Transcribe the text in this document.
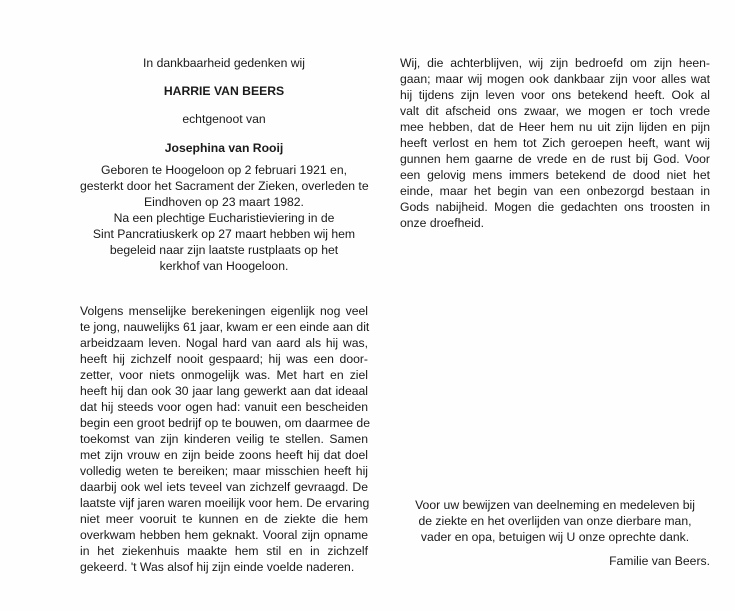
In dankbaarheid gedenken wij
HARRIE VAN BEERS
echtgenoot van
Josephina van Rooij
Geboren te Hoogeloon op 2 februari 1921 en,
gesterkt door het Sacrament der Zieken, overleden te
Eindhoven op 23 maart 1982.
Na een plechtige Eucharistieviering in de
Sint Pancratiuskerk op 27 maart hebben wij hem
begeleid naar zijn laatste rustplaats op het
kerkhof van Hoogeloon.
Volgens menselijke berekeningen eigenlijk nog veel
te jong, nauwelijks 61 jaar, kwam er een einde aan dit
arbeidzaam leven. Nogal hard van aard als hij was,
heeft hij zichzelf nooit gespaard; hij was een door-
zetter, voor niets onmogelijk was. Met hart en ziel
heeft hij dan ook 30 jaar lang gewerkt aan dat ideaal
dat hij steeds voor ogen had: vanuit een bescheiden
begin een groot bedrijf op te bouwen, om daarmee de
toekomst van zijn kinderen veilig te stellen. Samen
met zijn vrouw en zijn beide zoons heeft hij dat doel
volledig weten te bereiken; maar misschien heeft hij
daarbij ook wel iets teveel van zichzelf gevraagd. De
laatste vijf jaren waren moeilijk voor hem. De ervaring
niet meer vooruit te kunnen en de ziekte die hem
overkwam hebben hem geknakt. Vooral zijn opname
in het ziekenhuis maakte hem stil en in zichzelf
gekeerd. 't Was alsof hij zijn einde voelde naderen.
Wij, die achterblijven, wij zijn bedroefd om zijn heen-
gaan; maar wij mogen ook dankbaar zijn voor alles wat
hij tijdens zijn leven voor ons betekend heeft. Ook al
valt dit afscheid ons zwaar, we mogen er toch vrede
mee hebben, dat de Heer hem nu uit zijn lijden en pijn
heeft verlost en hem tot Zich geroepen heeft, want wij
gunnen hem gaarne de vrede en de rust bij God. Voor
een gelovig mens immers betekend de dood niet het
einde, maar het begin van een onbezorgd bestaan in
Gods nabijheid. Mogen die gedachten ons troosten in
onze droefheid.
Voor uw bewijzen van deelneming en medeleven bij
de ziekte en het overlijden van onze dierbare man,
vader en opa, betuigen wij U onze oprechte dank.
Familie van Beers.
